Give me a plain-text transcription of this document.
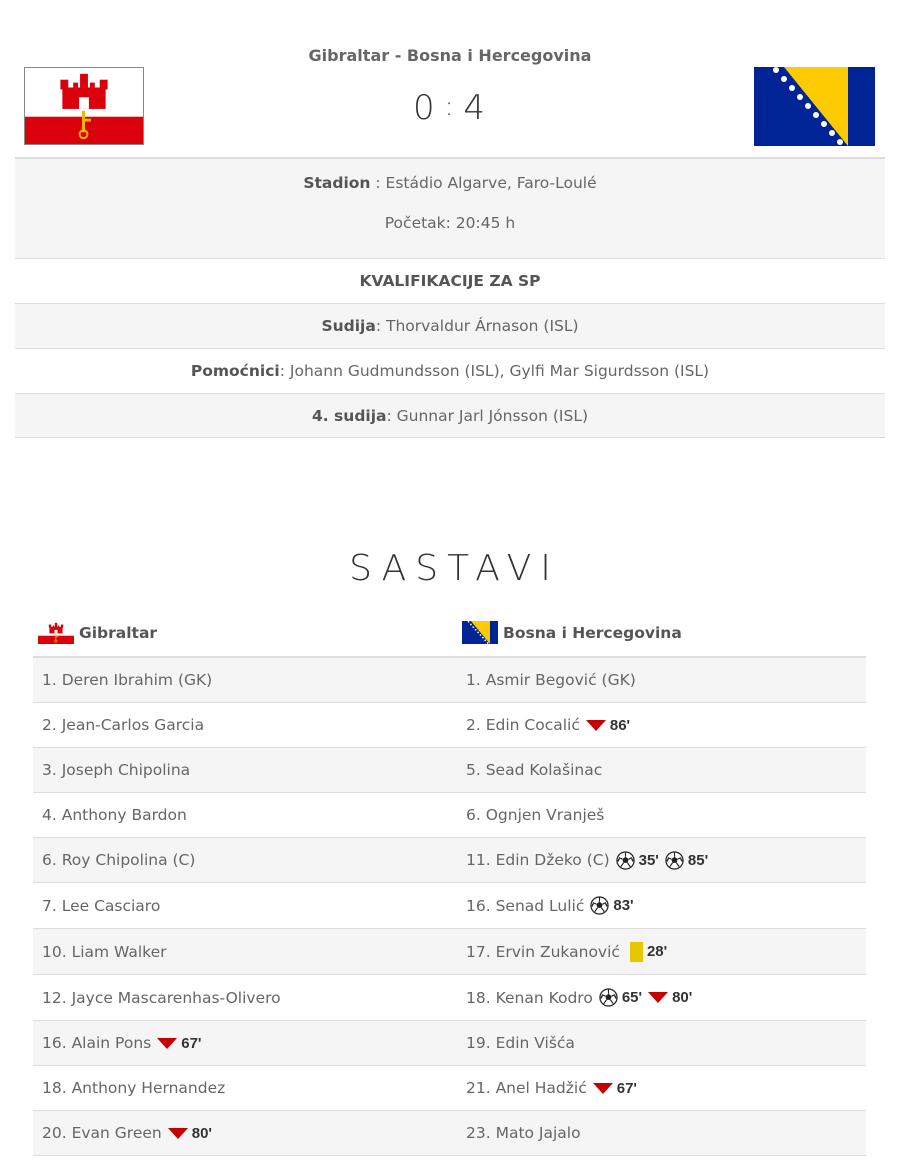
Gibraltar - Bosna i Hercegovina
0 : 4
Stadion : Estádio Algarve, Faro-Loulé
Početak: 20:45 h
KVALIFIKACIJE ZA SP
Sudija: Thorvaldur Árnason (ISL)
Pomoćnici: Johann Gudmundsson (ISL), Gylfi Mar Sigurdsson (ISL)
4. sudija: Gunnar Jarl Jónsson (ISL)
SASTAVI
Gibraltar	Bosna i Hercegovina
1. Deren Ibrahim (GK)	1. Asmir Begović (GK)
2. Jean-Carlos Garcia	2. Edin Cocalić 86'
3. Joseph Chipolina	5. Sead Kolašinac
4. Anthony Bardon	6. Ognjen Vranješ
6. Roy Chipolina (C)	11. Edin Džeko (C) 35' 85'
7. Lee Casciaro	16. Senad Lulić 83'
10. Liam Walker	17. Ervin Zukanović 28'
12. Jayce Mascarenhas-Olivero	18. Kenan Kodro 65' 80'
16. Alain Pons 67'	19. Edin Višća
18. Anthony Hernandez	21. Anel Hadžić 67'
20. Evan Green 80'	23. Mato Jajalo
